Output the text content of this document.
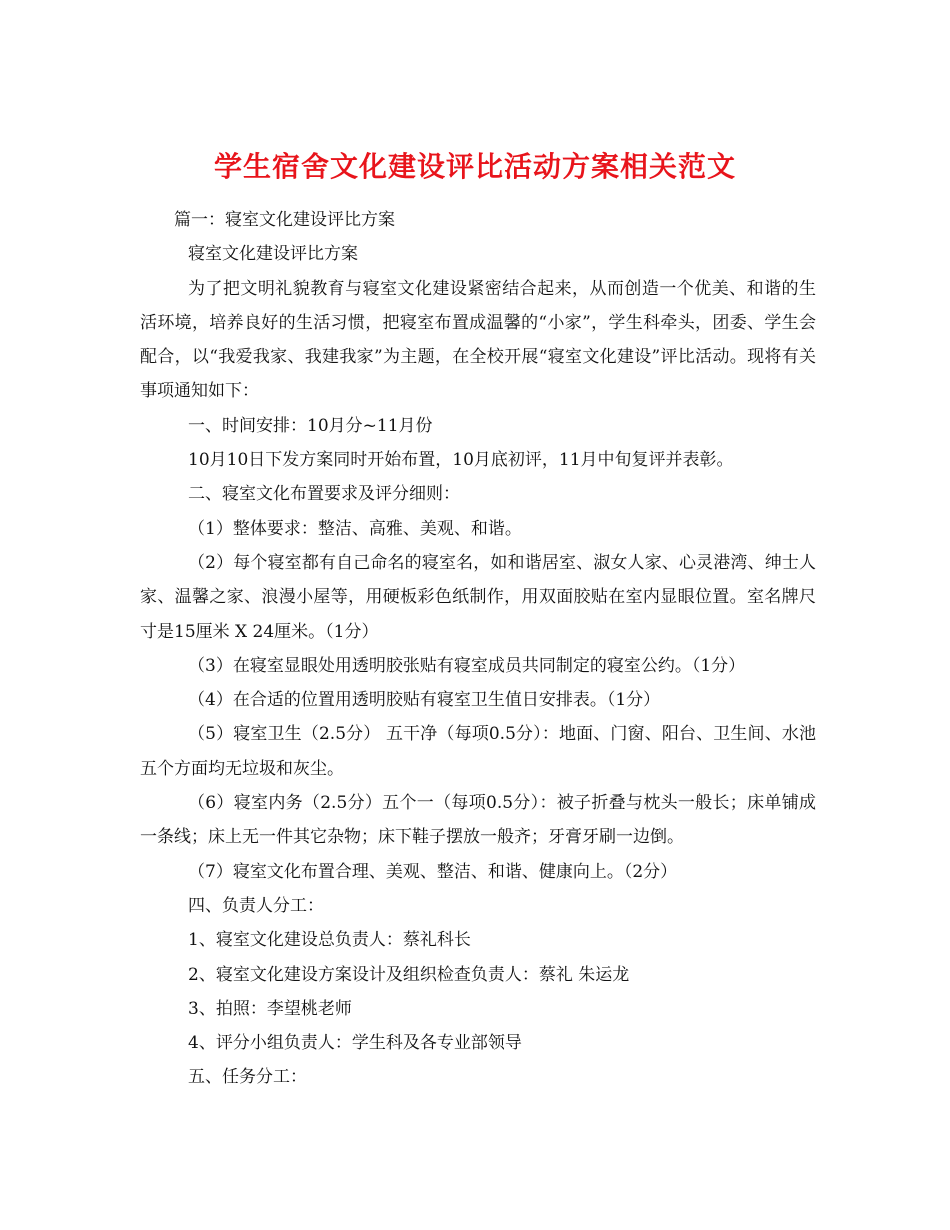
学生宿舍文化建设评比活动方案相关范文

篇一：寝室文化建设评比方案

寝室文化建设评比方案

为了把文明礼貌教育与寝室文化建设紧密结合起来，从而创造一个优美、和谐的生活环境，培养良好的生活习惯，把寝室布置成温馨的“小家”，学生科牵头，团委、学生会配合，以“我爱我家、我建我家”为主题，在全校开展“寝室文化建设”评比活动。现将有关事项通知如下：

一、时间安排：10月分~11月份

10月10日下发方案同时开始布置，10月底初评，11月中旬复评并表彰。

二、寝室文化布置要求及评分细则：

（1）整体要求：整洁、高雅、美观、和谐。

（2）每个寝室都有自己命名的寝室名，如和谐居室、淑女人家、心灵港湾、绅士人家、温馨之家、浪漫小屋等，用硬板彩色纸制作，用双面胶贴在室内显眼位置。室名牌尺寸是15厘米 X 24厘米。（1分）

（3）在寝室显眼处用透明胶张贴有寝室成员共同制定的寝室公约。（1分）

（4）在合适的位置用透明胶贴有寝室卫生值日安排表。（1分）

（5）寝室卫生（2.5分） 五干净（每项0.5分）：地面、门窗、阳台、卫生间、水池五个方面均无垃圾和灰尘。

（6）寝室内务（2.5分）五个一（每项0.5分）：被子折叠与枕头一般长；床单铺成一条线；床上无一件其它杂物；床下鞋子摆放一般齐；牙膏牙刷一边倒。

（7）寝室文化布置合理、美观、整洁、和谐、健康向上。（2分）

四、负责人分工：

1、寝室文化建设总负责人：蔡礼科长

2、寝室文化建设方案设计及组织检查负责人：蔡礼 朱运龙

3、拍照：李望桃老师

4、评分小组负责人：学生科及各专业部领导

五、任务分工：
